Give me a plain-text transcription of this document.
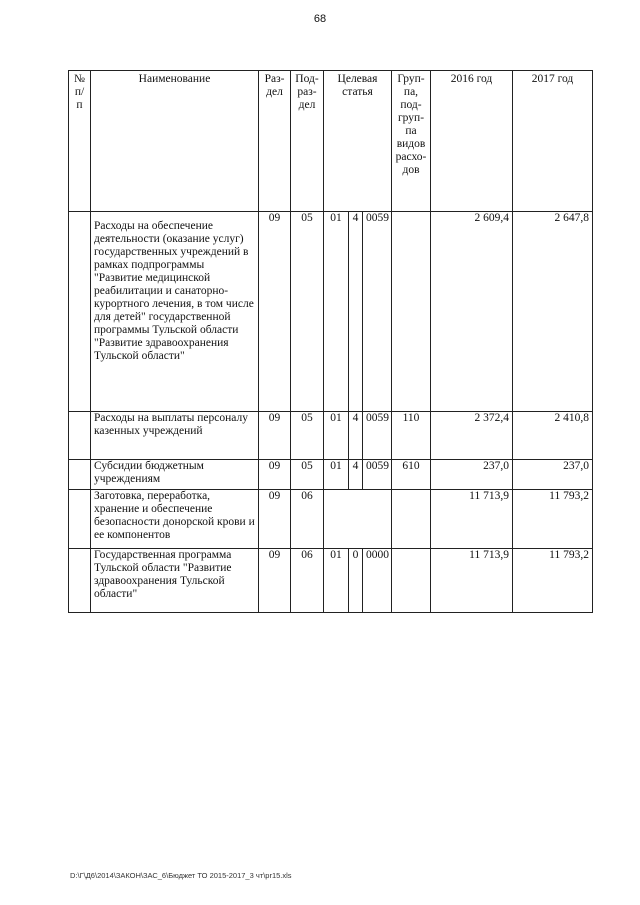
68
№ п/п	Наименование	Раз- дел	Под- раз- дел	Целевая статья			Груп- па, под- груп- па видов расхо- дов	2016 год	2017 год
	Расходы на обеспечение деятельности (оказание услуг) государственных учреждений в рамках подпрограммы "Развитие медицинской реабилитации и санаторно-курортного лечения, в том числе для детей" государственной программы Тульской области "Развитие здравоохранения Тульской области"	09	05	01	4	0059		2 609,4	2 647,8
	Расходы на выплаты персоналу казенных учреждений	09	05	01	4	0059	110	2 372,4	2 410,8
	Субсидии бюджетным учреждениям	09	05	01	4	0059	610	237,0	237,0
	Заготовка, переработка, хранение и обеспечение безопасности донорской крови и ее компонентов	09	06					11 713,9	11 793,2
	Государственная программа Тульской области "Развитие здравоохранения Тульской области"	09	06	01	0	0000		11 713,9	11 793,2
D:\Г\Д6\2014\ЗАКОН\ЗАС_6\Бюджет ТО 2015-2017_3 чт\pr15.xls
